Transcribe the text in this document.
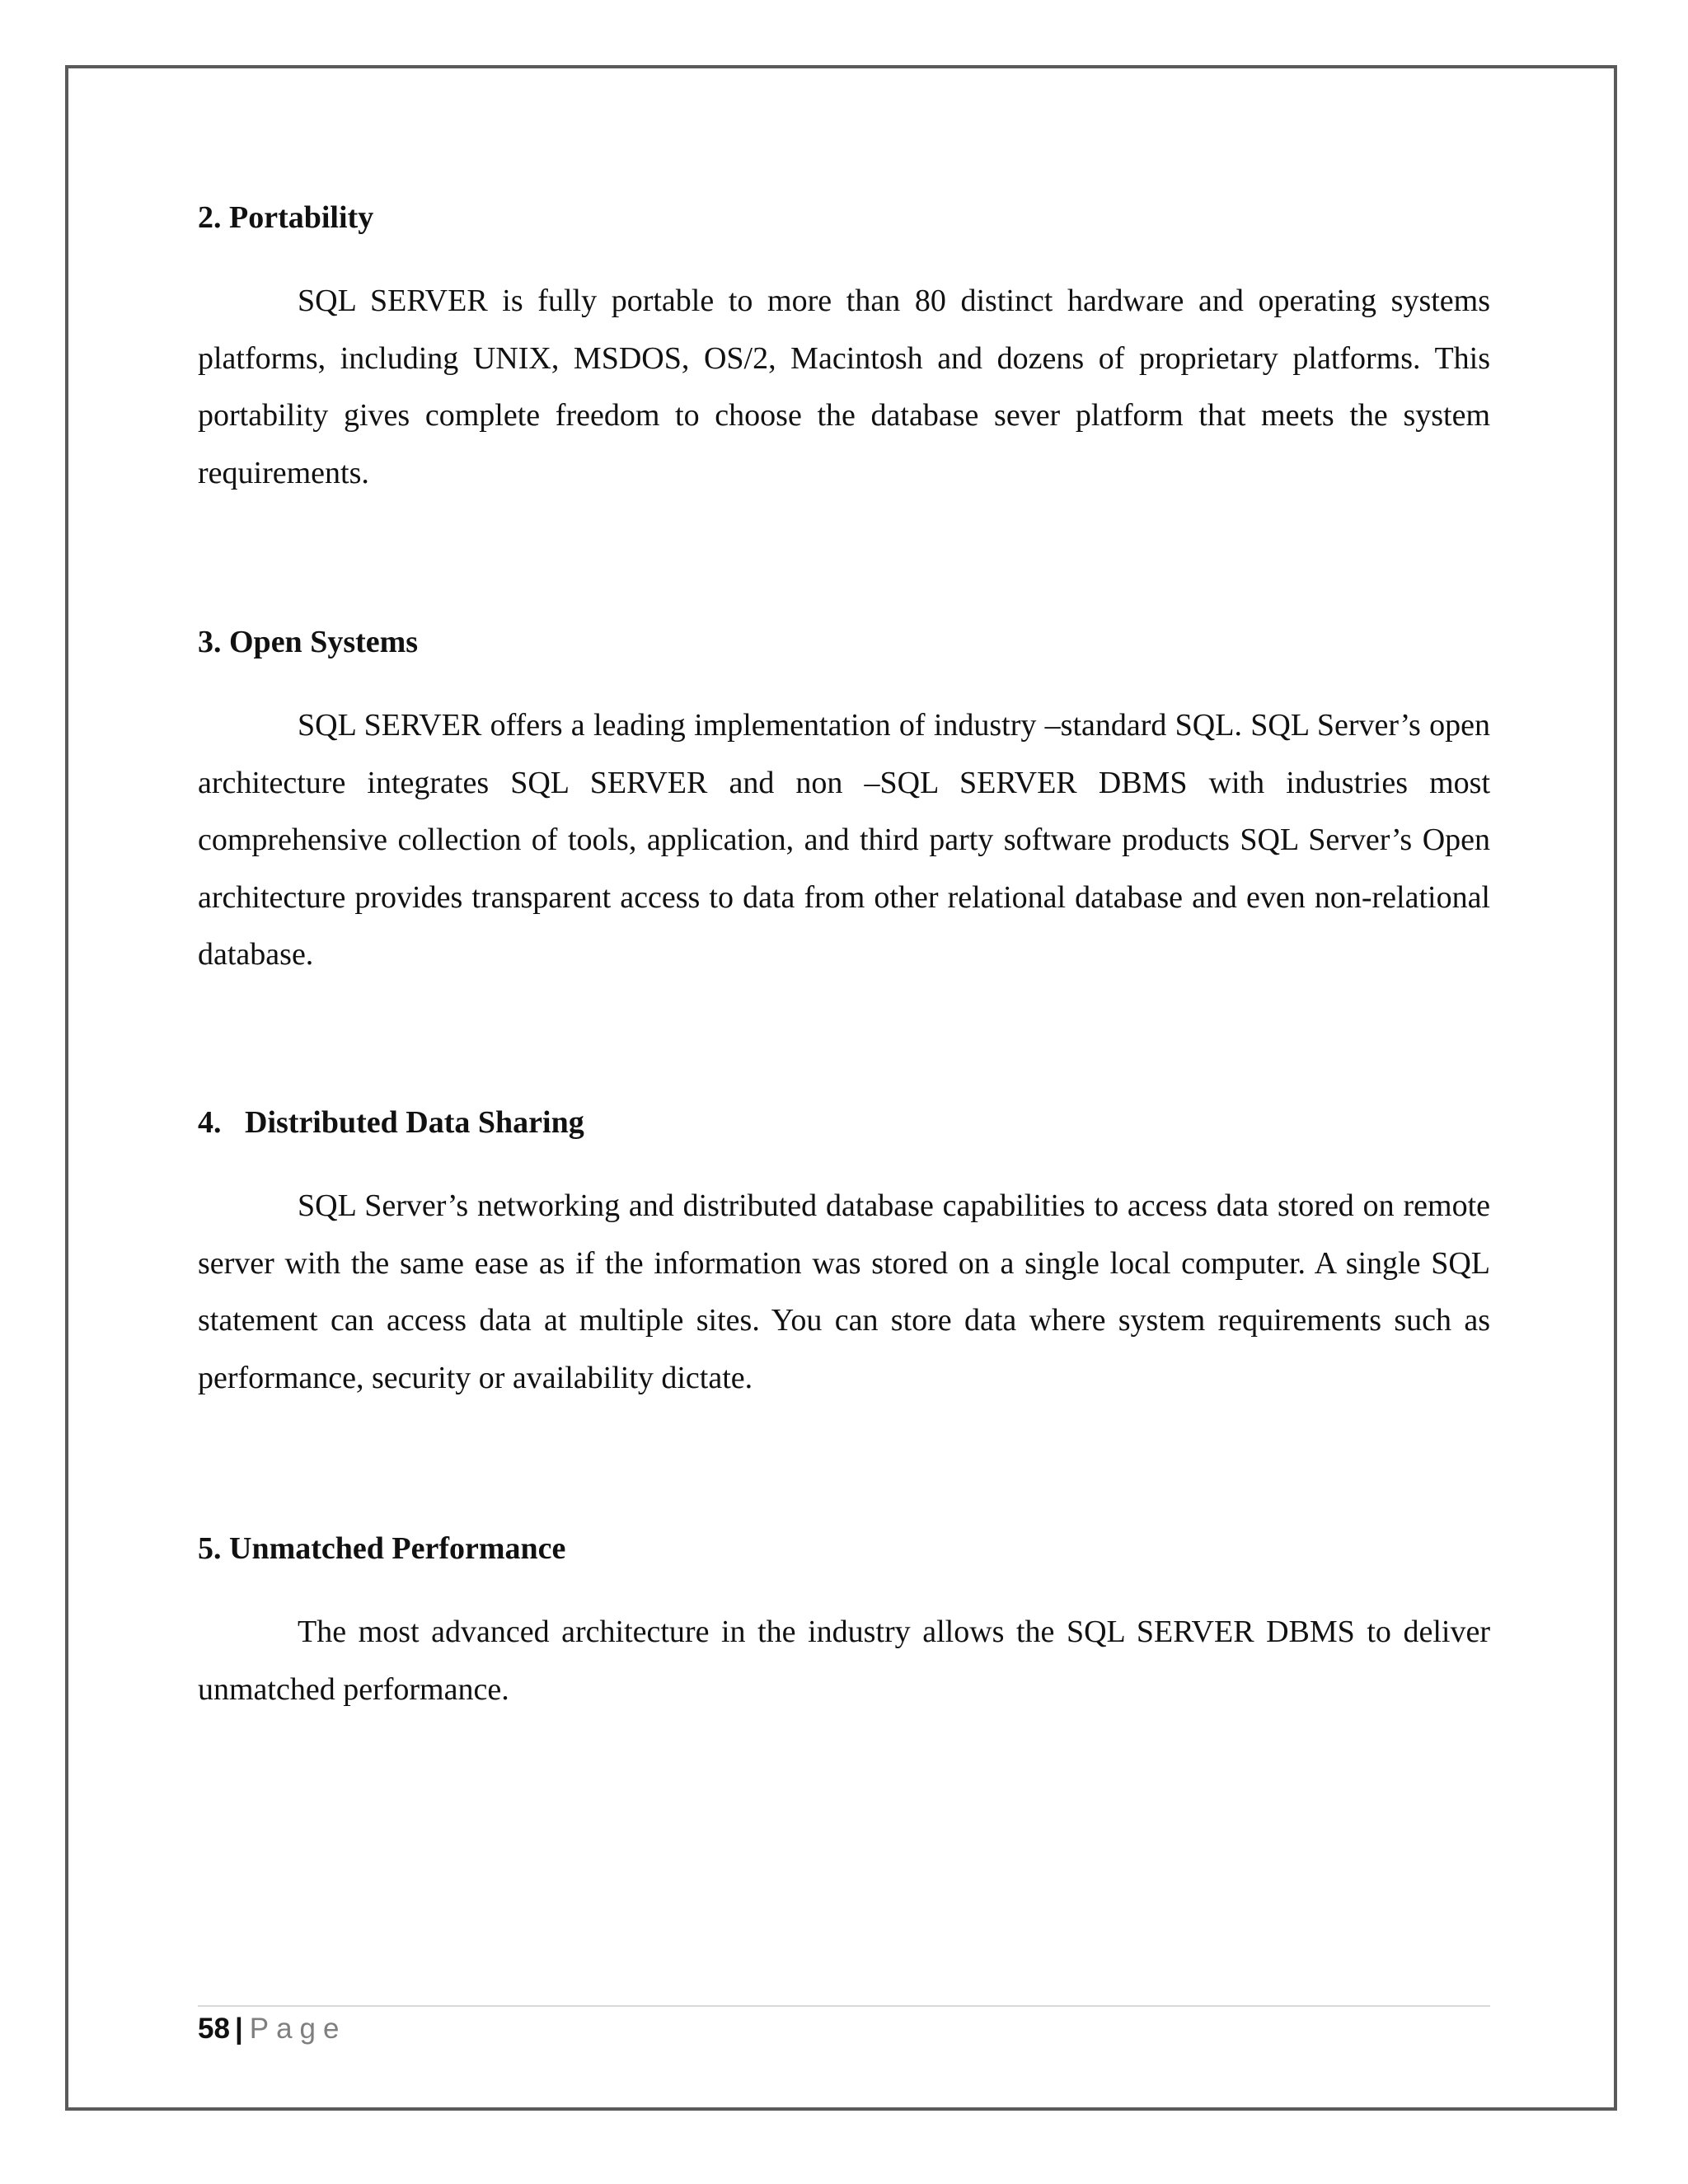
2. Portability

SQL SERVER is fully portable to more than 80 distinct hardware and operating systems platforms, including UNIX, MSDOS, OS/2, Macintosh and dozens of proprietary platforms. This portability gives complete freedom to choose the database sever platform that meets the system requirements.

3. Open Systems

SQL SERVER offers a leading implementation of industry –standard SQL. SQL Server’s open architecture integrates SQL SERVER and non –SQL SERVER DBMS with industries most comprehensive collection of tools, application, and third party software products SQL Server’s Open architecture provides transparent access to data from other relational database and even non-relational database.

4.   Distributed Data Sharing

SQL Server’s networking and distributed database capabilities to access data stored on remote server with the same ease as if the information was stored on a single local computer. A single SQL statement can access data at multiple sites. You can store data where system requirements such as performance, security or availability dictate.

5. Unmatched Performance

The most advanced architecture in the industry allows the SQL SERVER DBMS to deliver unmatched performance.

58 | Page
